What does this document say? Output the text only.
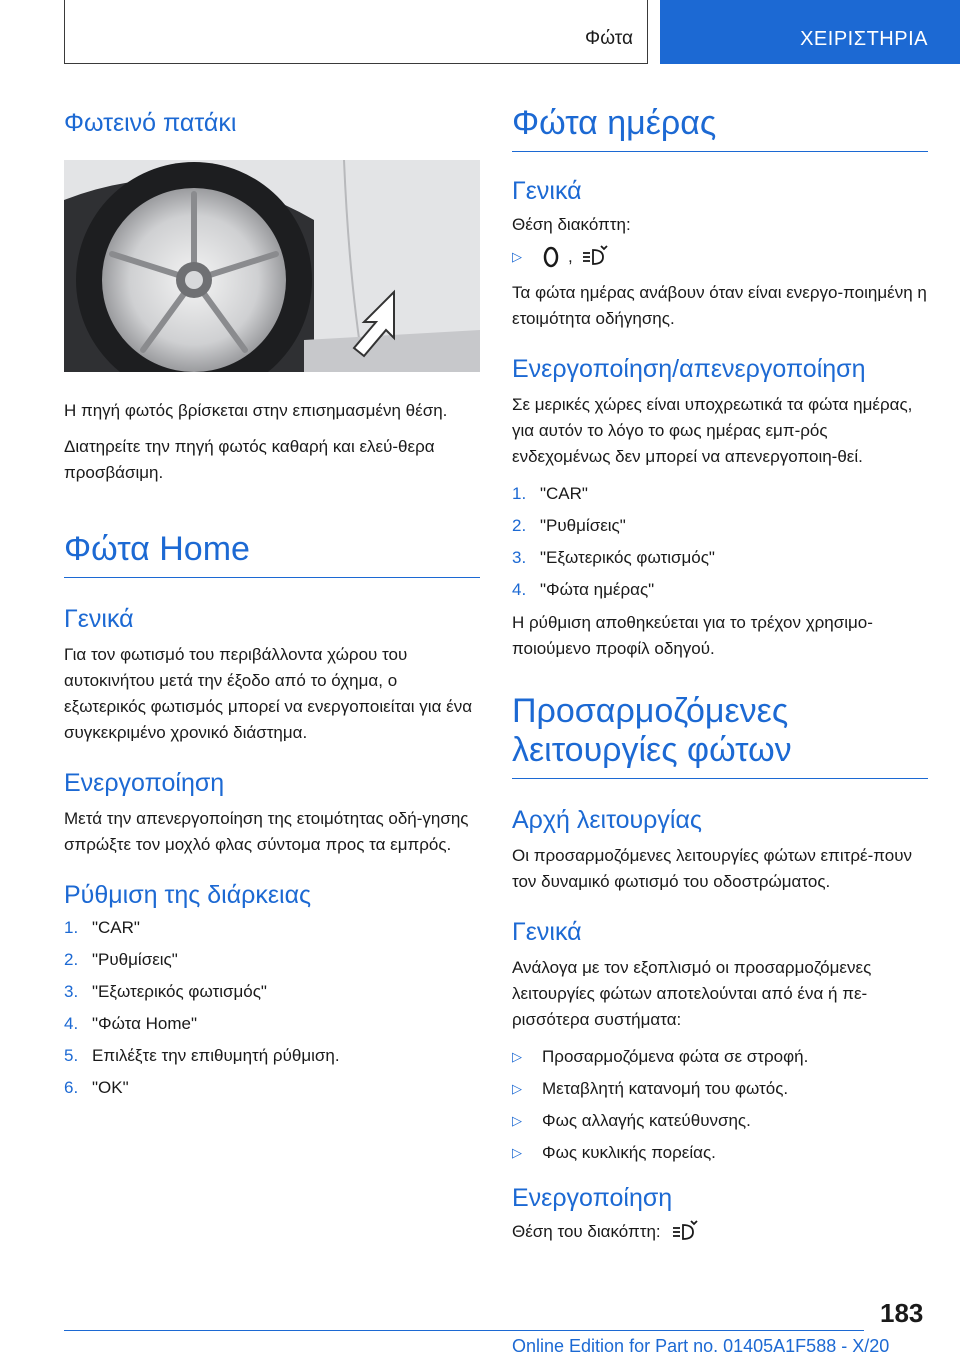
Φώτα	ΧΕΙΡΙΣΤΗΡΙΑ
Φωτεινό πατάκι

Η πηγή φωτός βρίσκεται στην επισημασμένη θέση.

Διατηρείτε την πηγή φωτός καθαρή και ελεύ-θερα προσβάσιμη.

Φώτα Home
Γενικά

Για τον φωτισμό του περιβάλλοντα χώρου του αυτοκινήτου μετά την έξοδο από το όχημα, ο εξωτερικός φωτισμός μπορεί να ενεργοποιείται για ένα συγκεκριμένο χρονικό διάστημα.

Ενεργοποίηση

Μετά την απενεργοποίηση της ετοιμότητας οδή-γησης σπρώξτε τον μοχλό φλας σύντομα προς τα εμπρός.

Ρύθμιση της διάρκειας
1. "CAR"
2. "Ρυθμίσεις"
3. "Εξωτερικός φωτισμός"
4. "Φώτα Home"
5. Επιλέξτε την επιθυμητή ρύθμιση.
6. "OK"
Φώτα ημέρας
Γενικά

Θέση διακόπτη:

▷	,

Τα φώτα ημέρας ανάβουν όταν είναι ενεργο-ποιημένη η ετοιμότητα οδήγησης.

Ενεργοποίηση/απενεργοποίηση

Σε μερικές χώρες είναι υποχρεωτικά τα φώτα ημέρας, για αυτόν το λόγο το φως ημέρας εμπ-ρός ενδεχομένως δεν μπορεί να απενεργοποιη-θεί.

1. "CAR"
2. "Ρυθμίσεις"
3. "Εξωτερικός φωτισμός"
4. "Φώτα ημέρας"

Η ρύθμιση αποθηκεύεται για το τρέχον χρησιμο-ποιούμενο προφίλ οδηγού.

Προσαρμοζόμενες λειτουργίες φώτων
Αρχή λειτουργίας

Οι προσαρμοζόμενες λειτουργίες φώτων επιτρέ-πουν τον δυναμικό φωτισμό του οδοστρώματος.

Γενικά

Ανάλογα με τον εξοπλισμό οι προσαρμοζόμενες λειτουργίες φώτων αποτελούνται από ένα ή πε-ρισσότερα συστήματα:

▷	Προσαρμοζόμενα φώτα σε στροφή.
▷	Μεταβλητή κατανομή του φωτός.
▷	Φως αλλαγής κατεύθυνσης.
▷	Φως κυκλικής πορείας.
Ενεργοποίηση
Θέση του διακόπτη:
183
Online Edition for Part no. 01405A1F588 - X/20
